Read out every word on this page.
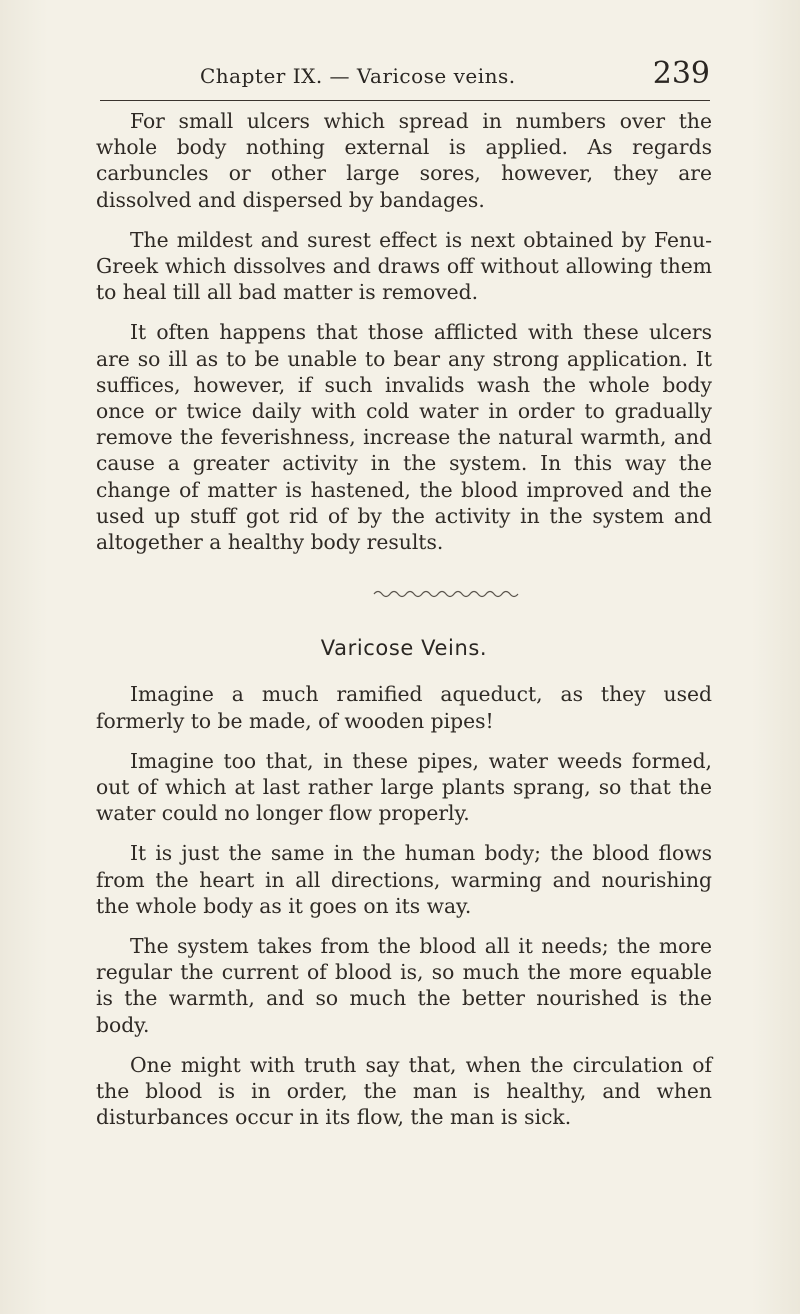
Chapter IX. — Varicose veins.	239

For small ulcers which spread in numbers over the whole body nothing external is applied. As regards carbuncles or other large sores, however, they are dissolved and dispersed by bandages.

The mildest and surest effect is next obtained by Fenu-Greek which dissolves and draws off without allowing them to heal till all bad matter is removed.

It often happens that those afflicted with these ulcers are so ill as to be unable to bear any strong application. It suffices, however, if such invalids wash the whole body once or twice daily with cold water in order to gradually remove the feverishness, increase the natural warmth, and cause a greater activity in the system. In this way the change of matter is hastened, the blood improved and the used up stuff got rid of by the activity in the system and altogether a healthy body results.

Varicose Veins.

Imagine a much ramified aqueduct, as they used formerly to be made, of wooden pipes!

Imagine too that, in these pipes, water weeds formed, out of which at last rather large plants sprang, so that the water could no longer flow properly.

It is just the same in the human body; the blood flows from the heart in all directions, warming and nourishing the whole body as it goes on its way.

The system takes from the blood all it needs; the more regular the current of blood is, so much the more equable is the warmth, and so much the better nourished is the body.

One might with truth say that, when the circulation of the blood is in order, the man is healthy, and when disturbances occur in its flow, the man is sick.
